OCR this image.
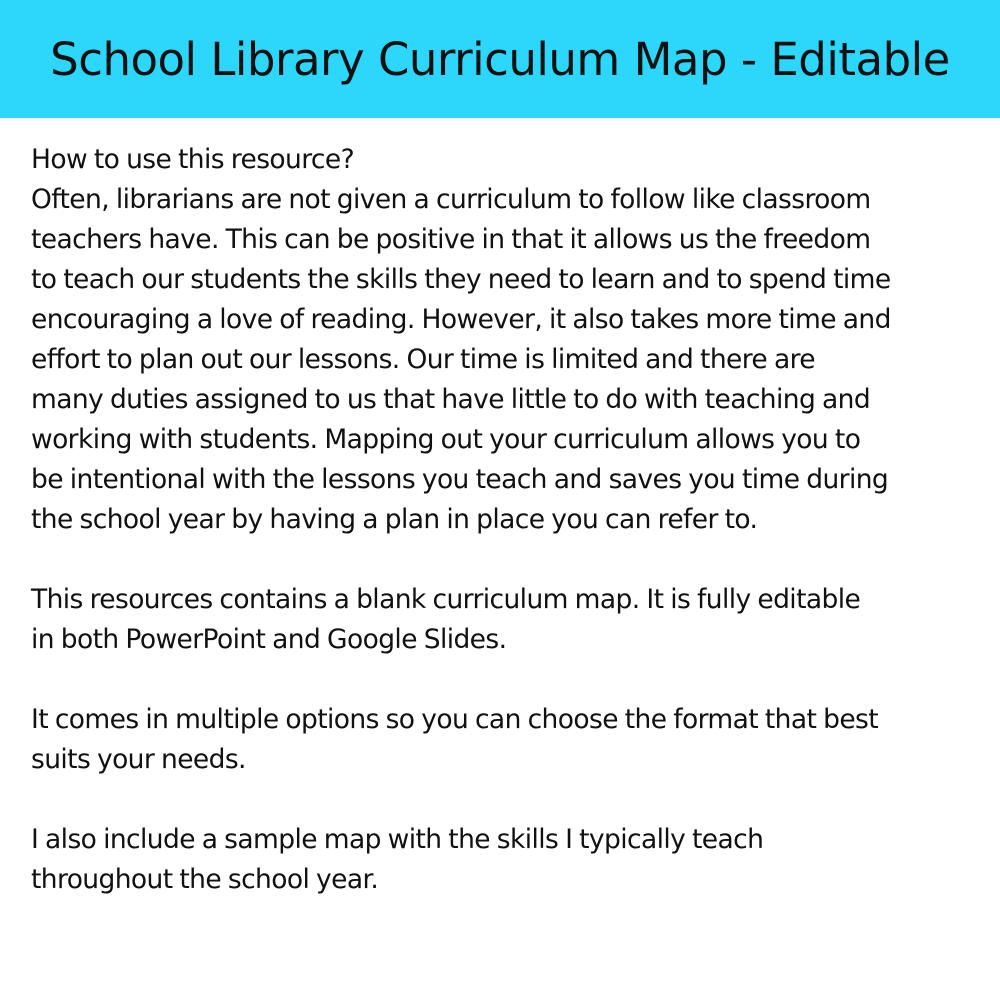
School Library Curriculum Map - Editable
How to use this resource?
Often, librarians are not given a curriculum to follow like classroom
teachers have. This can be positive in that it allows us the freedom
to teach our students the skills they need to learn and to spend time
encouraging a love of reading. However, it also takes more time and
effort to plan out our lessons. Our time is limited and there are
many duties assigned to us that have little to do with teaching and
working with students. Mapping out your curriculum allows you to
be intentional with the lessons you teach and saves you time during
the school year by having a plan in place you can refer to.
This resources contains a blank curriculum map. It is fully editable
in both PowerPoint and Google Slides.
It comes in multiple options so you can choose the format that best
suits your needs.
I also include a sample map with the skills I typically teach
throughout the school year.
